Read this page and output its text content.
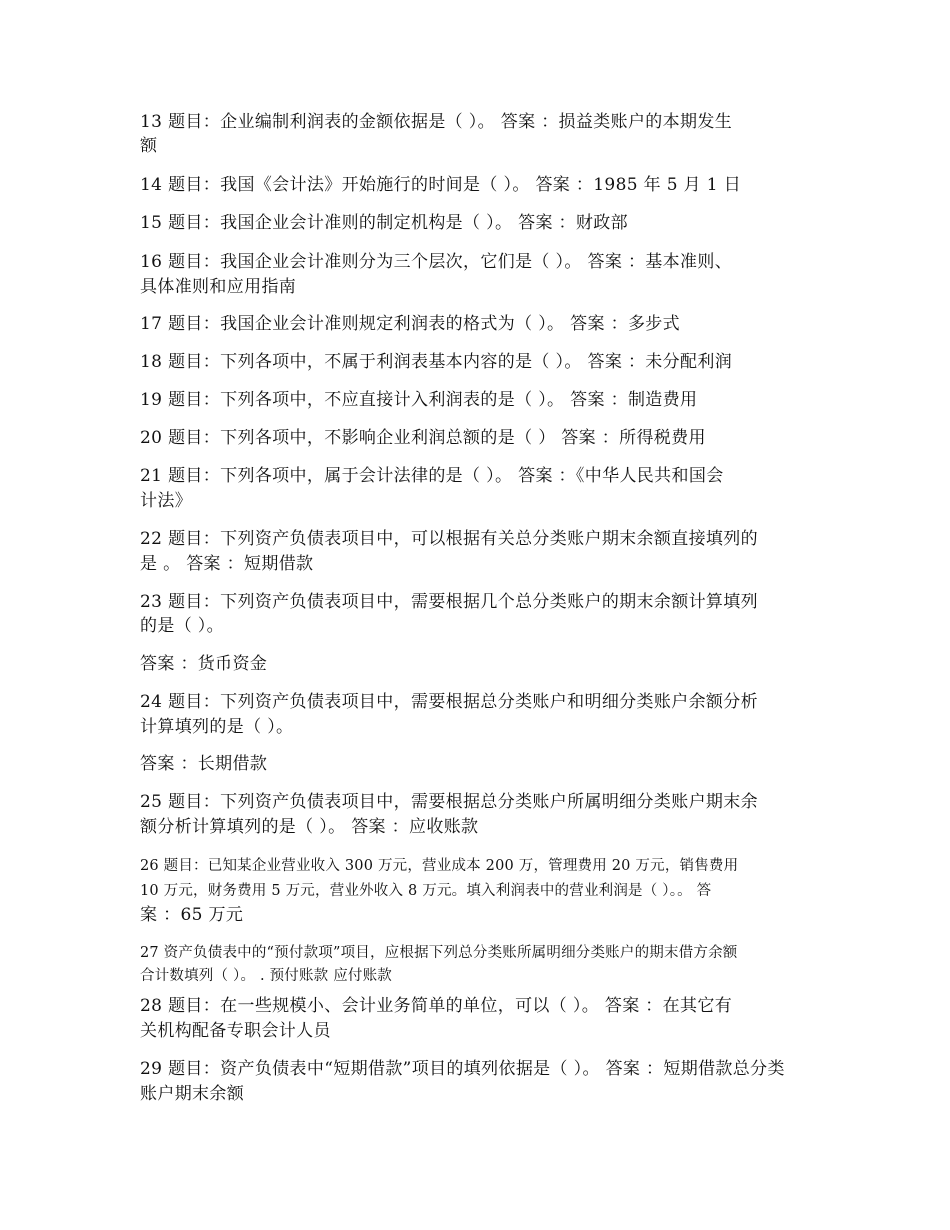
13 题目：企业编制利润表的金额依据是（ ）。 答案 ：损益类账户的本期发生
额
14 题目：我国《会计法》开始施行的时间是（ ）。 答案 ：1985 年 5 月 1 日
15 题目：我国企业会计准则的制定机构是（ ）。 答案 ：财政部
16 题目：我国企业会计准则分为三个层次，它们是（ ）。 答案 ：基本准则、
具体准则和应用指南
17 题目：我国企业会计准则规定利润表的格式为（ ）。 答案 ：多步式
18 题目：下列各项中，不属于利润表基本内容的是（ ）。 答案 ：未分配利润
19 题目：下列各项中，不应直接计入利润表的是（ ）。 答案 ：制造费用
20 题目：下列各项中，不影响企业利润总额的是（ ） 答案 ：所得税费用
21 题目：下列各项中，属于会计法律的是（ ）。 答案 ：《中华人民共和国会
计法》
22 题目：下列资产负债表项目中，可以根据有关总分类账户期末余额直接填列的
是 。 答案 ：短期借款
23 题目：下列资产负债表项目中，需要根据几个总分类账户的期末余额计算填列
的是（ ）。
答案 ：货币资金
24 题目：下列资产负债表项目中，需要根据总分类账户和明细分类账户余额分析
计算填列的是（ ）。
答案 ：长期借款
25 题目：下列资产负债表项目中，需要根据总分类账户所属明细分类账户期末余
额分析计算填列的是（ ）。 答案 ：应收账款
26 题目：已知某企业营业收入 300 万元，营业成本 200 万，管理费用 20 万元，销售费用
10 万元，财务费用 5 万元，营业外收入 8 万元。填入利润表中的营业利润是（ ）。。 答
案 ：65 万元
27 资产负债表中的“预付款项”项目，应根据下列总分类账所属明细分类账户的期末借方余额
合计数填列（ ）。 . 预付账款 应付账款
28 题目：在一些规模小、会计业务简单的单位，可以（ ）。 答案 ：在其它有
关机构配备专职会计人员
29 题目：资产负债表中“短期借款”项目的填列依据是（ ）。 答案 ：短期借款总分类
账户期末余额
